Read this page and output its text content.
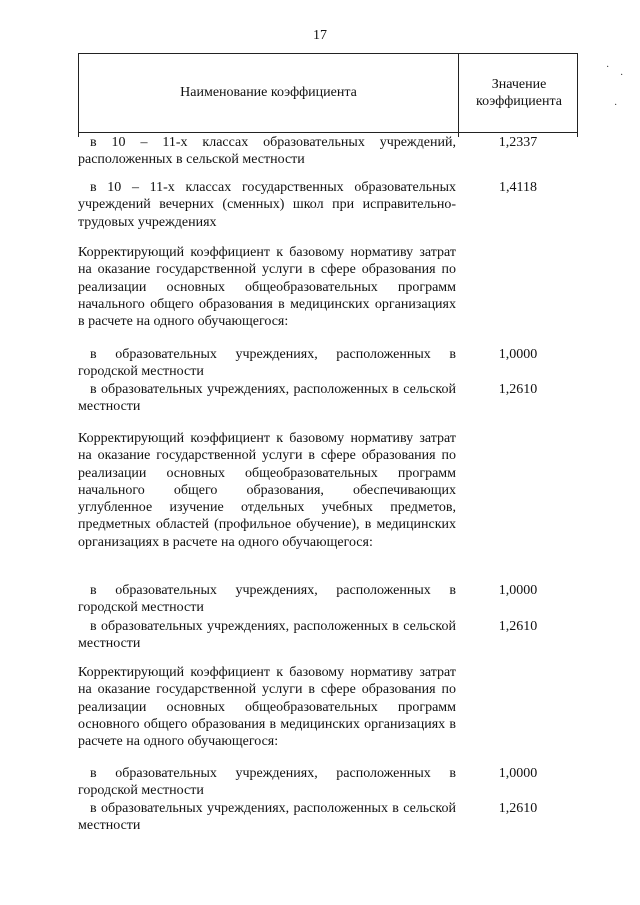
17
Наименование коэффициента
Значение коэффициента
в 10 – 11-х классах образовательных учреждений, расположенных в сельской местности
1,2337
в 10 – 11-х классах государственных образовательных учреждений вечерних (сменных) школ при исправительно-трудовых учреждениях
1,4118
Корректирующий коэффициент к базовому нормативу затрат на оказание государственной услуги в сфере образования по реализации основных общеобразовательных программ начального общего образования в медицинских организациях в расчете на одного обучающегося:
в образовательных учреждениях, расположенных в городской местности
1,0000
в образовательных учреждениях, расположенных в сельской местности
1,2610
Корректирующий коэффициент к базовому нормативу затрат на оказание государственной услуги в сфере образования по реализации основных общеобразовательных программ начального общего образования, обеспечивающих углубленное изучение отдельных учебных предметов, предметных областей (профильное обучение), в медицинских организациях в расчете на одного обучающегося:
в образовательных учреждениях, расположенных в городской местности
1,0000
в образовательных учреждениях, расположенных в сельской местности
1,2610
Корректирующий коэффициент к базовому нормативу затрат на оказание государственной услуги в сфере образования по реализации основных общеобразовательных программ основного общего образования в медицинских организациях в расчете на одного обучающегося:
в образовательных учреждениях, расположенных в городской местности
1,0000
в образовательных учреждениях, расположенных в сельской местности
1,2610
·
·
·
